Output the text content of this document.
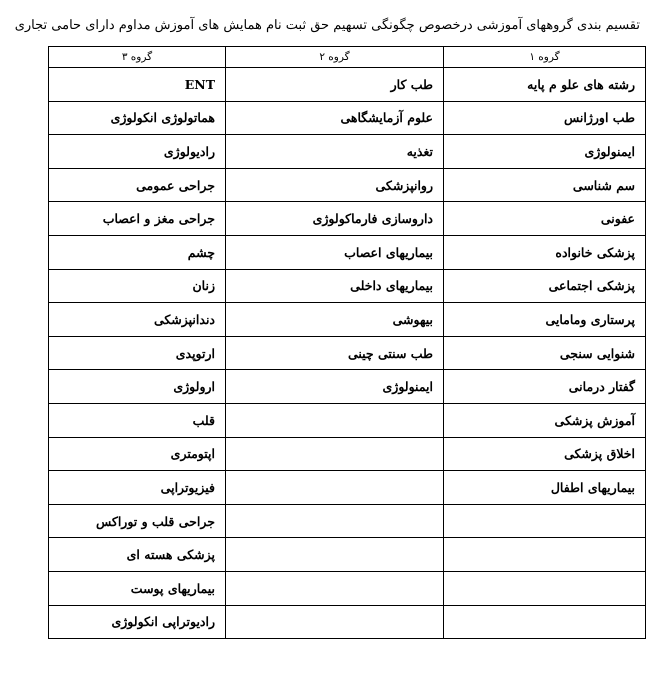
تقسیم بندی گروههای آموزشی درخصوص چگونگی تسهیم حق ثبت نام همایش های آموزش مداوم دارای حامی تجاری
گروه ۱	گروه ۲	گروه ۳
رشته های علو م پایه	طب کار	ENT
طب اورژانس	علوم آزمایشگاهی	هماتولوژی انکولوژی
ایمنولوژی	تغذیه	رادیولوژی
سم شناسی	روانپزشکی	جراحی عمومی
عفونی	داروسازی فارماکولوژی	جراحی مغز و اعصاب
پزشکی خانواده	بیماریهای اعصاب	چشم
پزشکی اجتماعی	بیماریهای داخلی	زنان
پرستاری ومامایی	بیهوشی	دندانپزشکی
شنوایی سنجی	طب سنتی چینی	ارتوپدی
گفتار درمانی	ایمنولوژی	ارولوژی
آموزش پزشکی		قلب
اخلاق پزشکی		اپتومتری
بیماریهای اطفال		فیزیوتراپی
		جراحی قلب و توراکس
		پزشکی هسته ای
		بیماریهای پوست
		رادیوتراپی انکولوژی
